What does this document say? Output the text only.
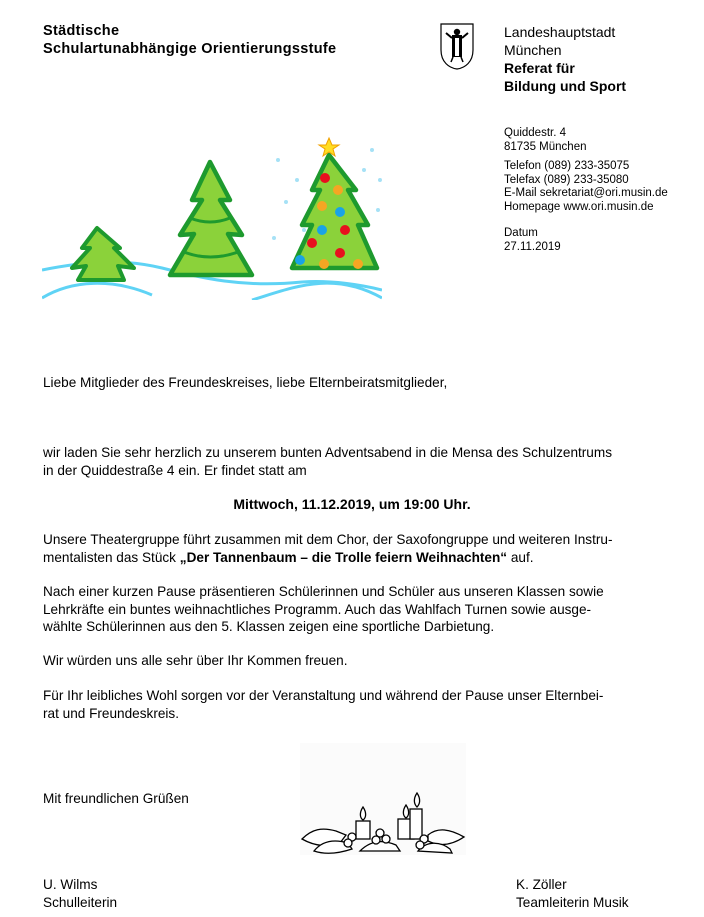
Städtische
Schulartunabhängige Orientierungsstufe
Landeshauptstadt
München
Referat für
Bildung und Sport
Quiddestr. 4
81735 München
Telefon (089) 233-35075
Telefax (089) 233-35080
E-Mail sekretariat@ori.musin.de
Homepage www.ori.musin.de
Datum
27.11.2019
Liebe Mitglieder des Freundeskreises, liebe Elternbeiratsmitglieder,
wir laden Sie sehr herzlich zu unserem bunten Adventsabend in die Mensa des Schulzentrums
in der Quiddestraße 4 ein. Er findet statt am
Mittwoch, 11.12.2019, um 19:00 Uhr.
Unsere Theatergruppe führt zusammen mit dem Chor, der Saxofongruppe und weiteren Instru-
mentalisten das Stück „Der Tannenbaum – die Trolle feiern Weihnachten“ auf.
Nach einer kurzen Pause präsentieren Schülerinnen und Schüler aus unseren Klassen sowie
Lehrkräfte ein buntes weihnachtliches Programm. Auch das Wahlfach Turnen sowie ausge-
wählte Schülerinnen aus den 5. Klassen zeigen eine sportliche Darbietung.
Wir würden uns alle sehr über Ihr Kommen freuen.
Für Ihr leibliches Wohl sorgen vor der Veranstaltung und während der Pause unser Elternbei-
rat und Freundeskreis.
Mit freundlichen Grüßen
U. Wilms
Schulleiterin
K. Zöller
Teamleiterin Musik
